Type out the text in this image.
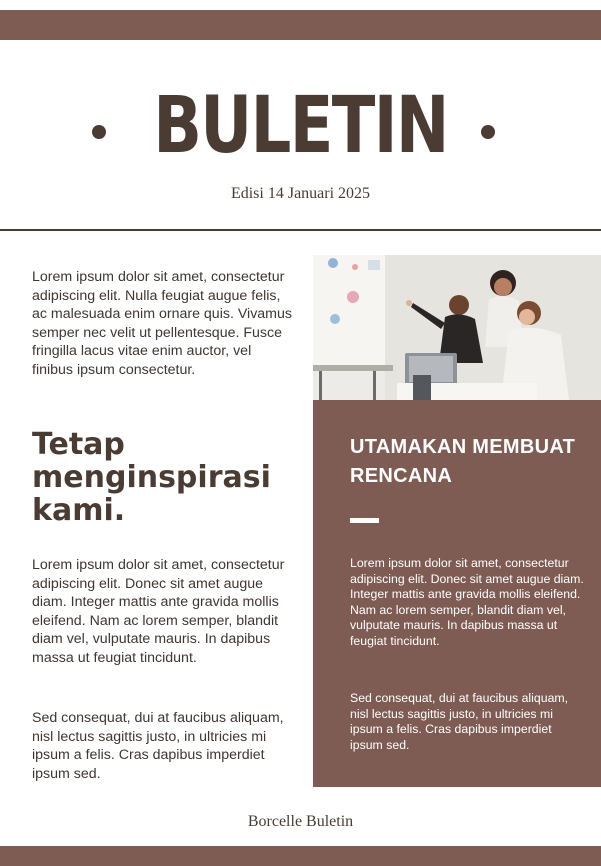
BULETIN
Edisi 14 Januari 2025

Lorem ipsum dolor sit amet, consectetur adipiscing elit. Nulla feugiat augue felis, ac malesuada enim ornare quis. Vivamus semper nec velit ut pellentesque. Fusce fringilla lacus vitae enim auctor, vel finibus ipsum consectetur.

Tetap menginspirasi kami.

Lorem ipsum dolor sit amet, consectetur adipiscing elit. Donec sit amet augue diam. Integer mattis ante gravida mollis eleifend. Nam ac lorem semper, blandit diam vel, vulputate mauris. In dapibus massa ut feugiat tincidunt.

Sed consequat, dui at faucibus aliquam, nisl lectus sagittis justo, in ultricies mi ipsum a felis. Cras dapibus imperdiet ipsum sed.

UTAMAKAN MEMBUAT RENCANA

Lorem ipsum dolor sit amet, consectetur adipiscing elit. Donec sit amet augue diam. Integer mattis ante gravida mollis eleifend. Nam ac lorem semper, blandit diam vel, vulputate mauris. In dapibus massa ut feugiat tincidunt.

Sed consequat, dui at faucibus aliquam, nisl lectus sagittis justo, in ultricies mi ipsum a felis. Cras dapibus imperdiet ipsum sed.

Borcelle Buletin
